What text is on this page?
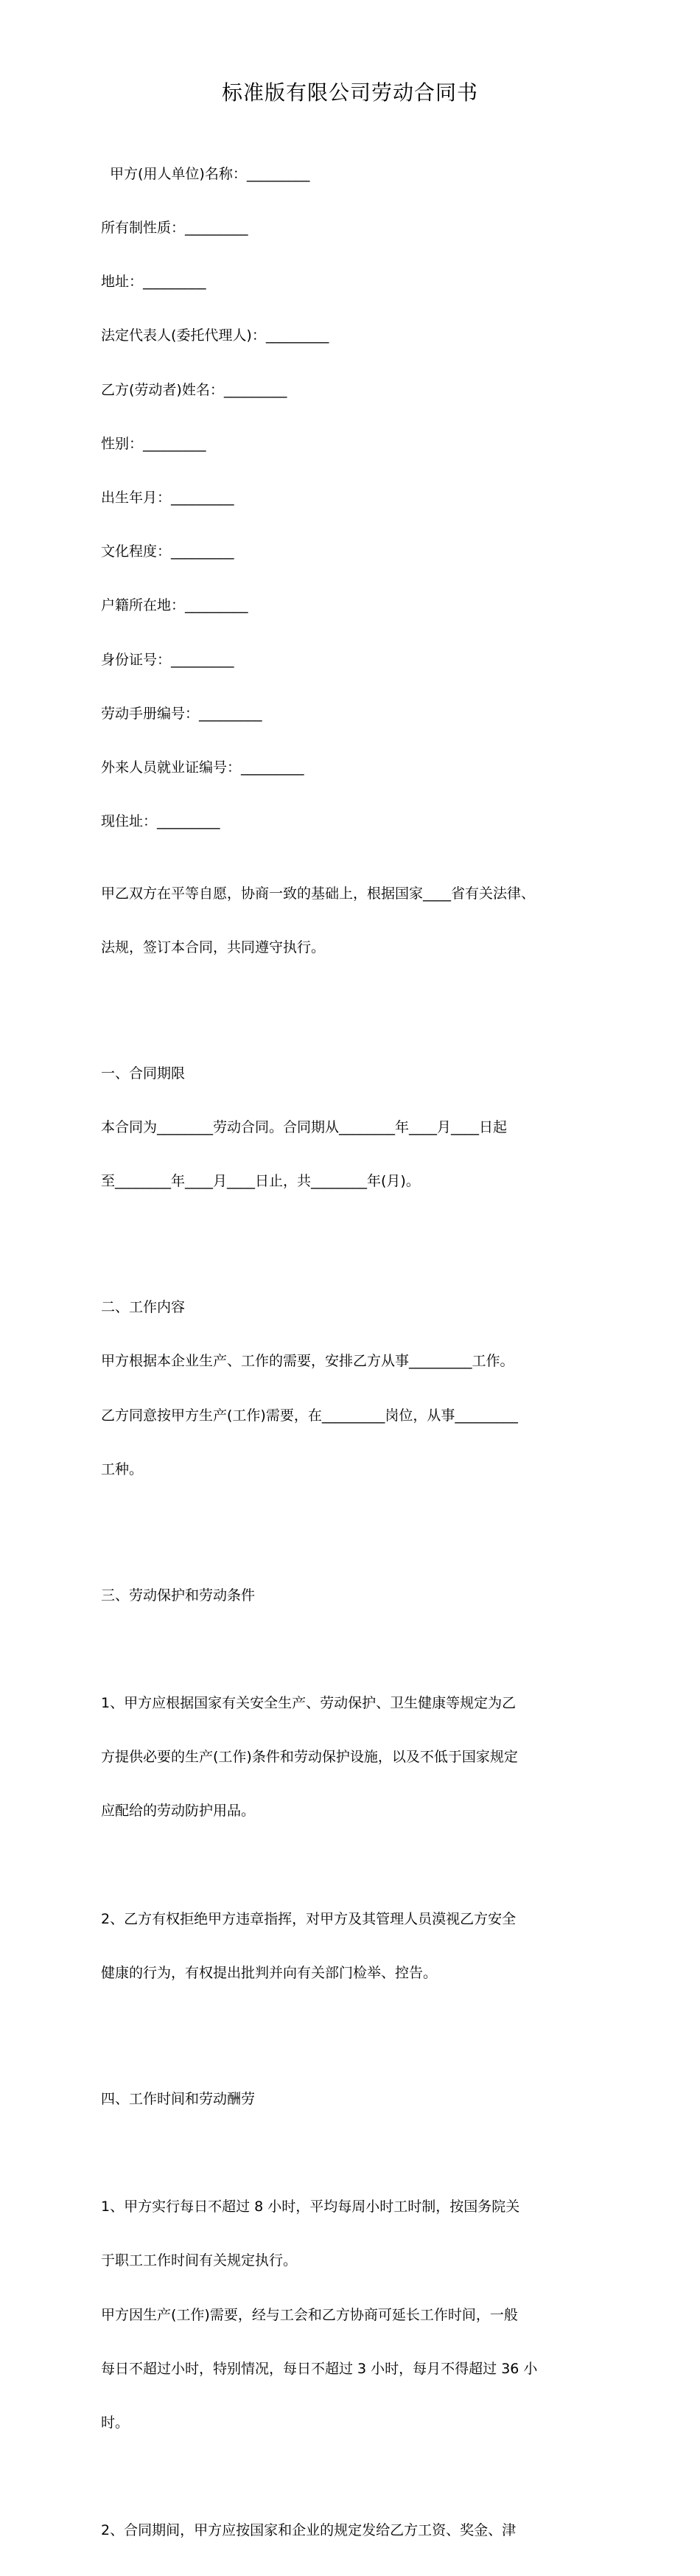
标准版有限公司劳动合同书

甲方(用人单位)名称：_________

所有制性质：_________

地址：_________

法定代表人(委托代理人)：_________

乙方(劳动者)姓名：_________

性别：_________

出生年月：_________

文化程度：_________

户籍所在地：_________

身份证号：_________

劳动手册编号：_________

外来人员就业证编号：_________

现住址：_________

甲乙双方在平等自愿，协商一致的基础上，根据国家____省有关法律、

法规，签订本合同，共同遵守执行。

一、合同期限

本合同为________劳动合同。合同期从________年____月____日起

至________年____月____日止，共________年(月)。

二、工作内容

甲方根据本企业生产、工作的需要，安排乙方从事_________工作。

乙方同意按甲方生产(工作)需要，在_________岗位，从事_________

工种。

三、劳动保护和劳动条件

1、甲方应根据国家有关安全生产、劳动保护、卫生健康等规定为乙

方提供必要的生产(工作)条件和劳动保护设施，以及不低于国家规定

应配给的劳动防护用品。

2、乙方有权拒绝甲方违章指挥，对甲方及其管理人员漠视乙方安全

健康的行为，有权提出批判并向有关部门检举、控告。

四、工作时间和劳动酬劳

1、甲方实行每日不超过 8 小时，平均每周小时工时制，按国务院关

于职工工作时间有关规定执行。

甲方因生产(工作)需要，经与工会和乙方协商可延长工作时间，一般

每日不超过小时，特别情况，每日不超过 3 小时，每月不得超过 36 小

时。

2、合同期间，甲方应按国家和企业的规定发给乙方工资、奖金、津
